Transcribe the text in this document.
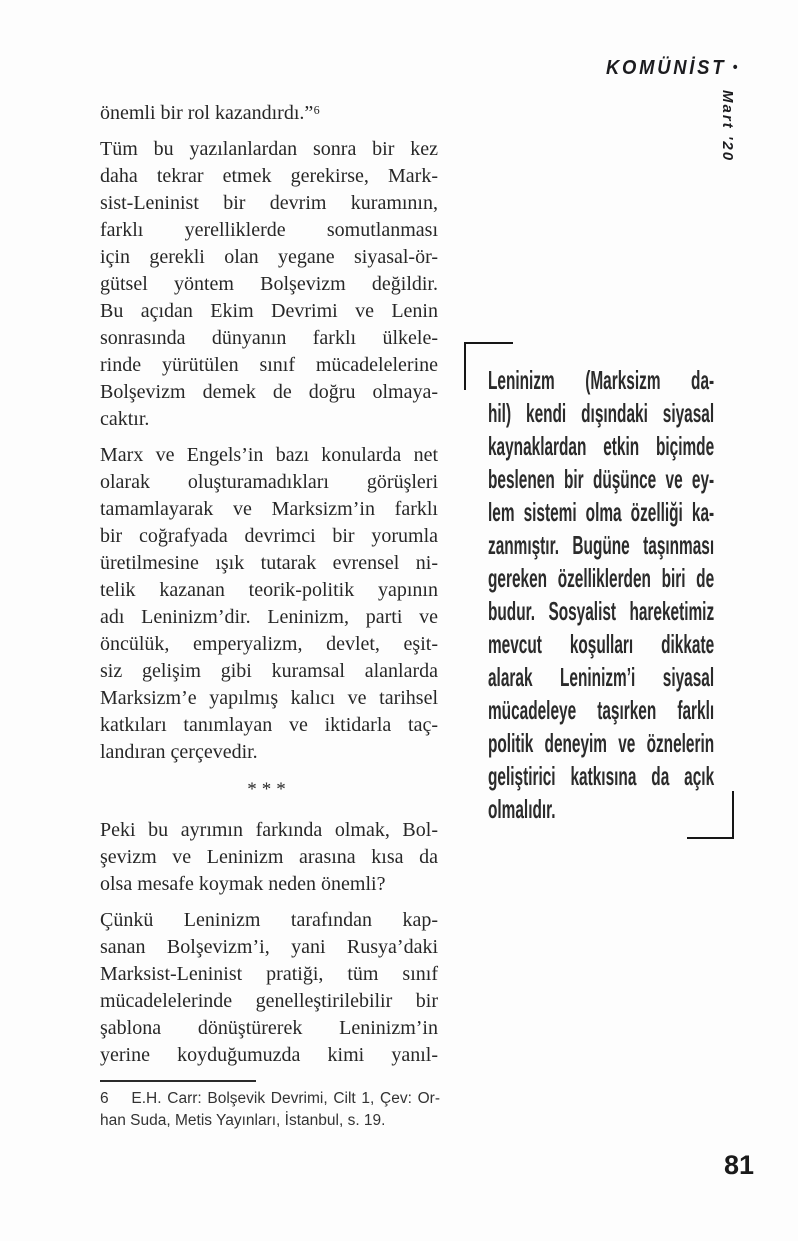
KOMÜNİST •
Mart '20
önemli bir rol kazandırdı.”⁶
Tüm bu yazılanlardan sonra bir kez
daha tekrar etmek gerekirse, Mark-
sist-Leninist bir devrim kuramının,
farklı yerelliklerde somutlanması
için gerekli olan yegane siyasal-ör-
gütsel yöntem Bolşevizm değildir.
Bu açıdan Ekim Devrimi ve Lenin
sonrasında dünyanın farklı ülkele-
rinde yürütülen sınıf mücadelelerine
Bolşevizm demek de doğru olmaya-
caktır.
Marx ve Engels’in bazı konularda net
olarak oluşturamadıkları görüşleri
tamamlayarak ve Marksizm’in farklı
bir coğrafyada devrimci bir yorumla
üretilmesine ışık tutarak evrensel ni-
telik kazanan teorik-politik yapının
adı Leninizm’dir. Leninizm, parti ve
öncülük, emperyalizm, devlet, eşit-
siz gelişim gibi kuramsal alanlarda
Marksizm’e yapılmış kalıcı ve tarihsel
katkıları tanımlayan ve iktidarla taç-
landıran çerçevedir.
***
Peki bu ayrımın farkında olmak, Bol-
şevizm ve Leninizm arasına kısa da
olsa mesafe koymak neden önemli?
Çünkü Leninizm tarafından kap-
sanan Bolşevizm’i, yani Rusya’daki
Marksist-Leninist pratiği, tüm sınıf
mücadelelerinde genelleştirilebilir bir
şablona dönüştürerek Leninizm’in
yerine koyduğumuzda kimi yanıl-
Leninizm (Marksizm da-
hil) kendi dışındaki siyasal
kaynaklardan etkin biçimde
beslenen bir düşünce ve ey-
lem sistemi olma özelliği ka-
zanmıştır. Bugüne taşınması
gereken özelliklerden biri de
budur. Sosyalist hareketimiz
mevcut koşulları dikkate
alarak Leninizm’i siyasal
mücadeleye taşırken farklı
politik deneyim ve öznelerin
geliştirici katkısına da açık
olmalıdır.
6    E.H. Carr: Bolşevik Devrimi, Cilt 1, Çev: Or-
han Suda, Metis Yayınları, İstanbul, s. 19.
81
